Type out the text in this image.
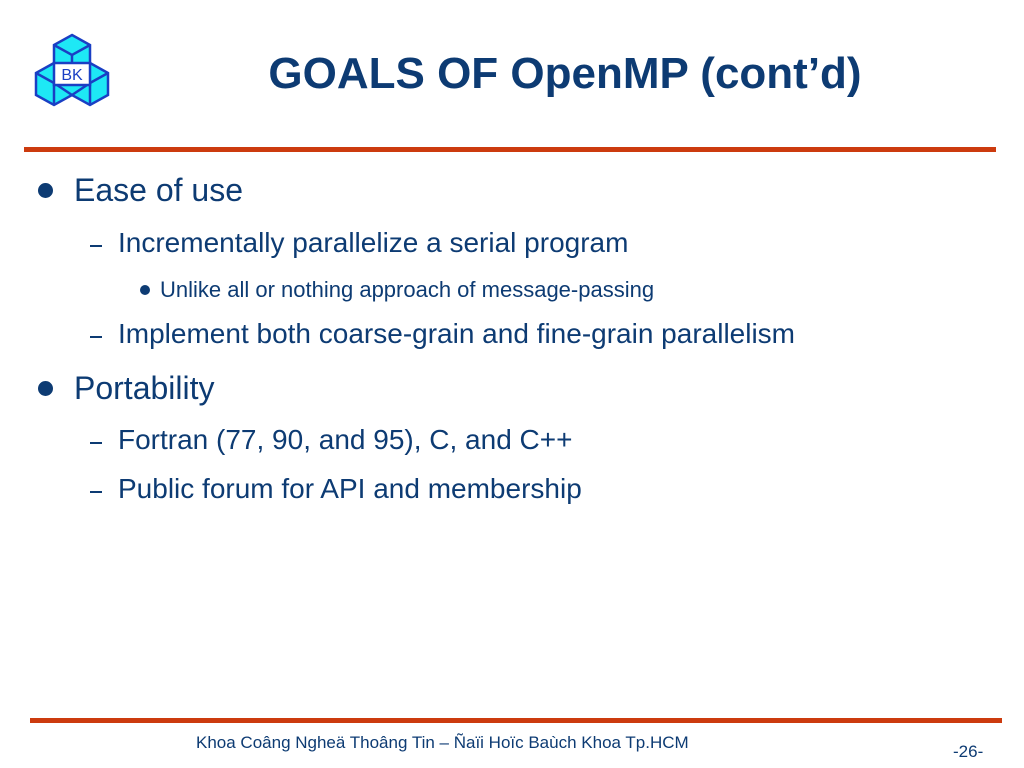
BK	GOALS OF OpenMP (cont’d)
Ease of use
Incrementally parallelize a serial program
Unlike all or nothing approach of message-passing
Implement both coarse-grain and fine-grain parallelism
Portability
Fortran (77, 90, and 95), C, and C++
Public forum for API and membership
Khoa Coâng Ngheä Thoâng Tin – Ñaïi Hoïc Baùch Khoa Tp.HCM	-26-
